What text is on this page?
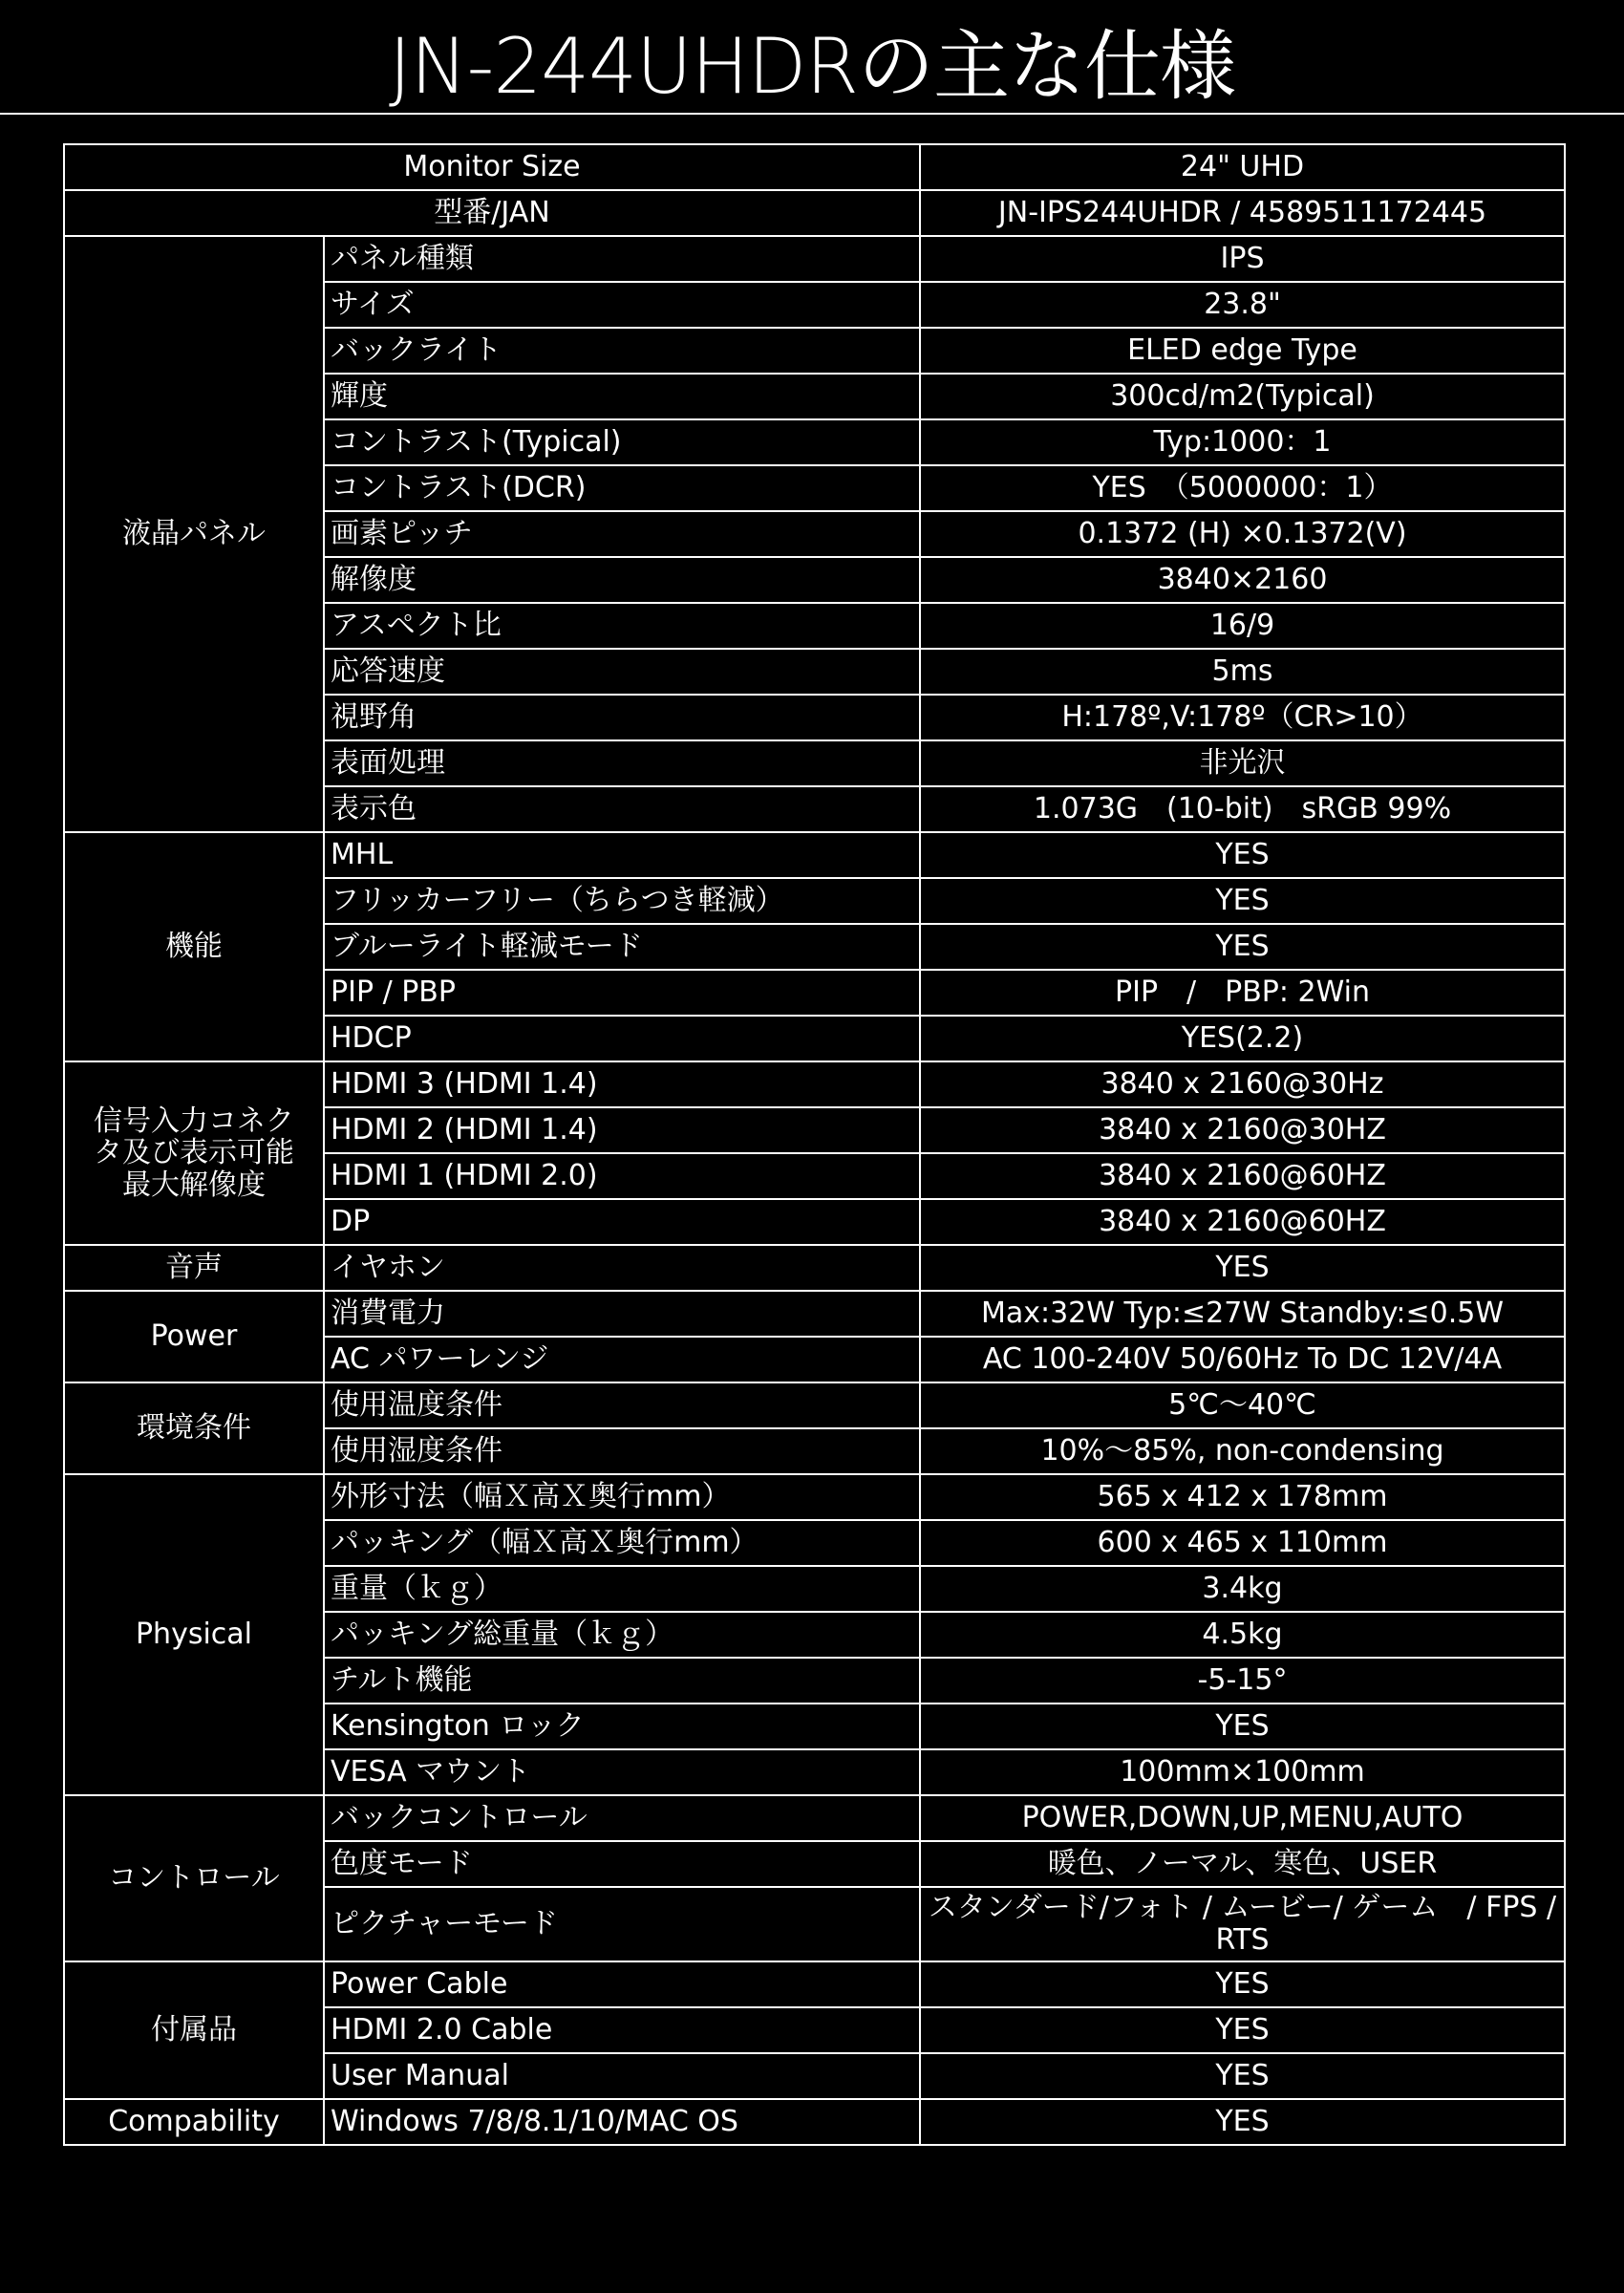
JN-244UHDRの主な仕様
Monitor Size		24" UHD
型番/JAN		JN-IPS244UHDR / 4589511172445
液晶パネル	パネル種類	IPS
	サイズ	23.8"
	バックライト	ELED edge Type
	輝度	300cd/m2(Typical)
	コントラスト(Typical)	Typ:1000：1
	コントラスト(DCR)	YES　（5000000：1）
	画素ピッチ	0.1372 (H) ×0.1372(V)
	解像度	3840×2160
	アスペクト比	16/9
	応答速度	5ms
	視野角	H:178º,V:178º（CR>10）
	表面処理	非光沢
	表示色	1.073G　(10-bit)　sRGB 99%
機能	MHL	YES
	フリッカーフリー（ちらつき軽減）	YES
	ブルーライト軽減モード	YES
	PIP / PBP	PIP　/　PBP: 2Win
	HDCP	YES(2.2)
信号入力コネクタ及び表示可能最大解像度	HDMI 3 (HDMI 1.4)	3840 x 2160@30Hz
	HDMI 2 (HDMI 1.4)	3840 x 2160@30HZ
	HDMI 1 (HDMI 2.0)	3840 x 2160@60HZ
	DP	3840 x 2160@60HZ
音声	イヤホン	YES
Power	消費電力	Max:32W Typ:≤27W Standby:≤0.5W
	AC パワーレンジ	AC 100-240V 50/60Hz To DC 12V/4A
環境条件	使用温度条件	5℃～40℃
	使用湿度条件	10%～85%, non-condensing
Physical	外形寸法（幅Ｘ高Ｘ奥行mm）	565 x 412 x 178mm
	パッキング（幅Ｘ高Ｘ奥行mm）	600 x 465 x 110mm
	重量（ｋｇ）	3.4kg
	パッキング総重量（ｋｇ）	4.5kg
	チルト機能	-5-15°
	Kensington ロック	YES
	VESA マウント	100mm×100mm
コントロール	バックコントロール	POWER,DOWN,UP,MENU,AUTO
	色度モード	暖色、ノーマル、寒色、USER
	ピクチャーモード	スタンダード/フォト / ムービー/ ゲーム　/ FPS / RTS
付属品	Power Cable	YES
	HDMI 2.0 Cable	YES
	User Manual	YES
Compability	Windows 7/8/8.1/10/MAC OS	YES
